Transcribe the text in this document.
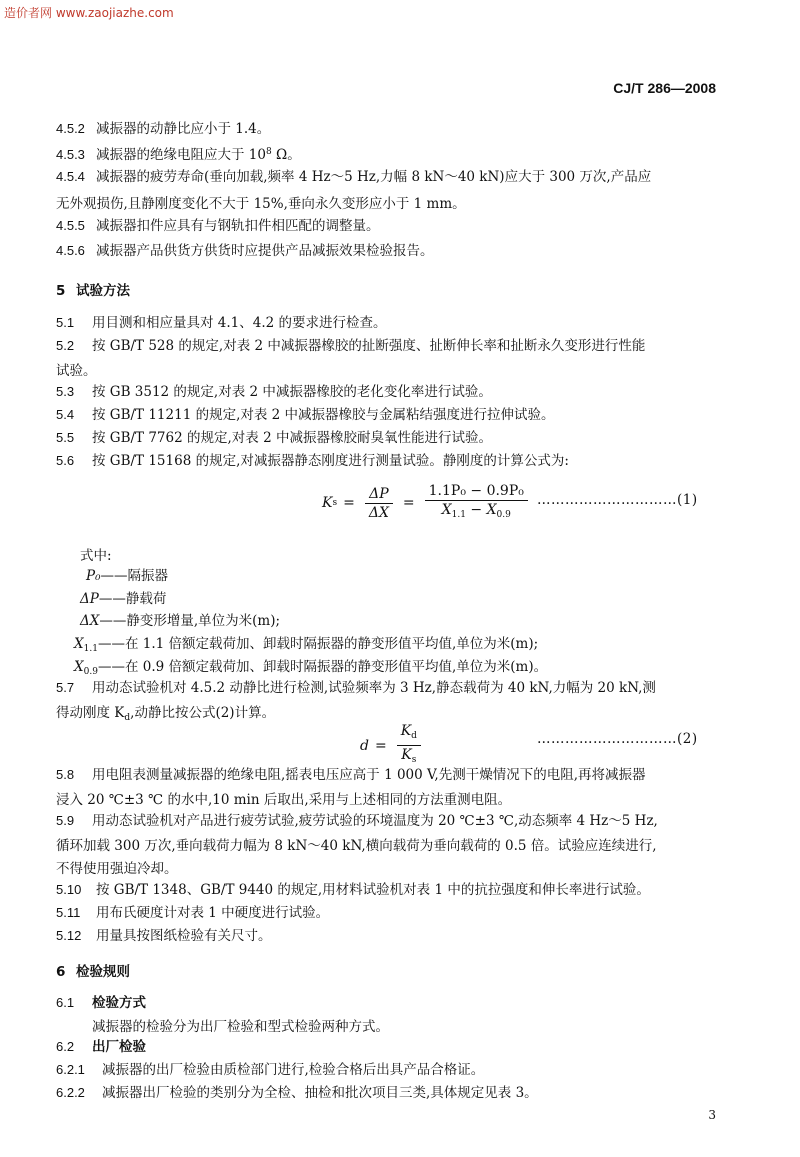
造价者网 www.zaojiazhe.com
CJ/T 286—2008
4.5.2 减振器的动静比应小于 1.4。
4.5.3 减振器的绝缘电阻应大于 $10^8$ Ω。
4.5.4 减振器的疲劳寿命(垂向加载,频率 4 Hz～5 Hz,力幅 8 kN～40 kN)应大于 300 万次,产品应
无外观损伤,且静刚度变化不大于 15%,垂向永久变形应小于 1 mm。
4.5.5 减振器扣件应具有与钢轨扣件相匹配的调整量。
4.5.6 减振器产品供货方供货时应提供产品减振效果检验报告。
5 试验方法
5.1 用目测和相应量具对 4.1、4.2 的要求进行检查。
5.2 按 GB/T 528 的规定,对表 2 中减振器橡胶的扯断强度、扯断伸长率和扯断永久变形进行性能
试验。
5.3 按 GB 3512 的规定,对表 2 中减振器橡胶的老化变化率进行试验。
5.4 按 GB/T 11211 的规定,对表 2 中减振器橡胶与金属粘结强度进行拉伸试验。
5.5 按 GB/T 7762 的规定,对表 2 中减振器橡胶耐臭氧性能进行试验。
5.6 按 GB/T 15168 的规定,对减振器静态刚度进行测量试验。静刚度的计算公式为:
K $s = \frac{\Delta P}{\Delta X} = \frac{\text{1.1P₀ − 0.9P₀}}{X_{1.1} - X_{0.9}}$ …………………………(1)
式中:
P₀——隔振器
ΔP——静载荷
ΔX——静变形增量,单位为米(m);
$X_{1.1}——$在 1.1 倍额定载荷加、卸载时隔振器的静变形值平均值,单位为米(m);
$X_{0.9}——$在 0.9 倍额定载荷加、卸载时隔振器的静变形值平均值,单位为米(m)。
5.7 用动态试验机对 4.5.2 动静比进行检测,试验频率为 3 Hz,静态载荷为 40 kN,力幅为 20 kN,测
得动刚度 $K_d$,动静比按公式(2)计算。
$d = \frac{K_d}{K_s}$	…………………………(2)
5.8 用电阻表测量减振器的绝缘电阻,摇表电压应高于 1 000 V,先测干燥情况下的电阻,再将减振器
浸入 20 ℃±3 ℃ 的水中,10 min 后取出,采用与上述相同的方法重测电阻。
5.9 用动态试验机对产品进行疲劳试验,疲劳试验的环境温度为 20 ℃±3 ℃,动态频率 4 Hz～5 Hz,
循环加载 300 万次,垂向载荷力幅为 8 kN～40 kN,横向载荷为垂向载荷的 0.5 倍。试验应连续进行,
不得使用强迫冷却。
5.10 按 GB/T 1348、GB/T 9440 的规定,用材料试验机对表 1 中的抗拉强度和伸长率进行试验。
5.11 用布氏硬度计对表 1 中硬度进行试验。
5.12 用量具按图纸检验有关尺寸。
6 检验规则
6.1 检验方式
减振器的检验分为出厂检验和型式检验两种方式。
6.2 出厂检验
6.2.1 减振器的出厂检验由质检部门进行,检验合格后出具产品合格证。
6.2.2 减振器出厂检验的类别分为全检、抽检和批次项目三类,具体规定见表 3。
3
